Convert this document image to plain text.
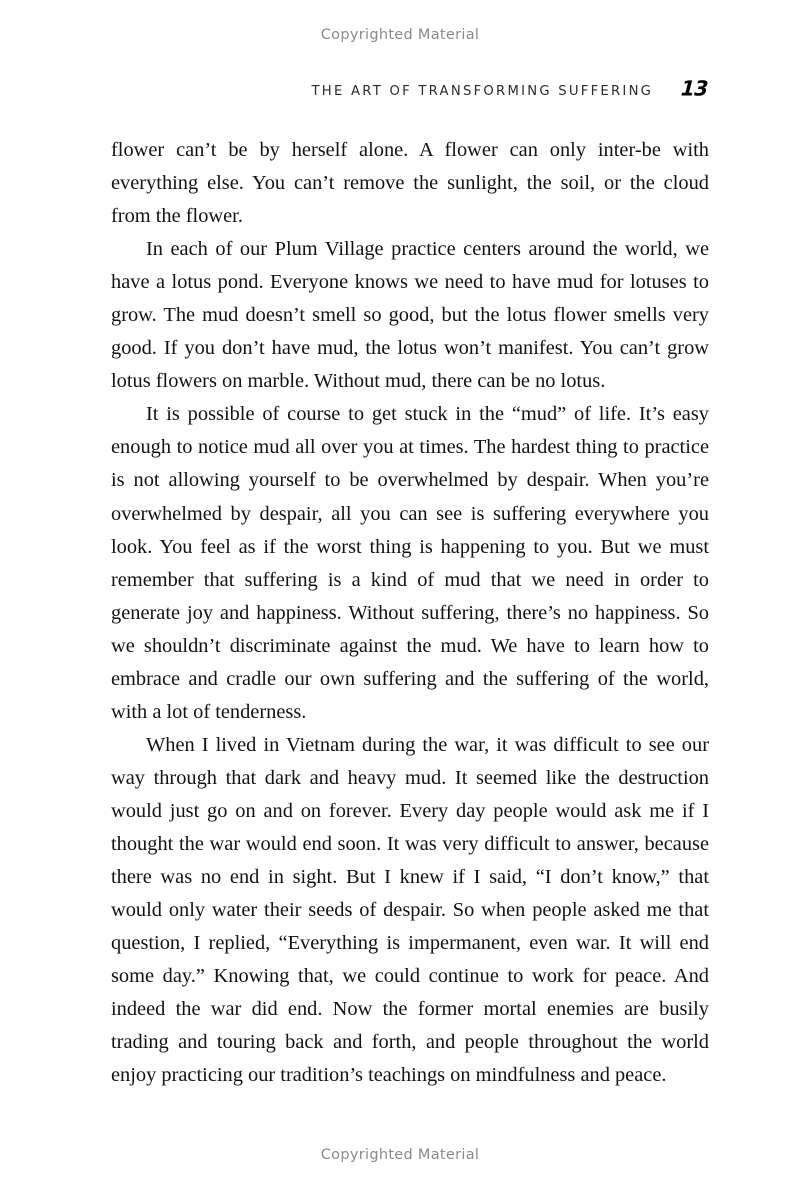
Copyrighted Material
THE ART OF TRANSFORMING SUFFERING 13

flower can’t be by herself alone. A flower can only inter-be with everything else. You can’t remove the sunlight, the soil, or the cloud from the flower.

In each of our Plum Village practice centers around the world, we have a lotus pond. Everyone knows we need to have mud for lotuses to grow. The mud doesn’t smell so good, but the lotus flower smells very good. If you don’t have mud, the lotus won’t manifest. You can’t grow lotus flowers on marble. Without mud, there can be no lotus.

It is possible of course to get stuck in the “mud” of life. It’s easy enough to notice mud all over you at times. The hardest thing to practice is not allowing yourself to be overwhelmed by despair. When you’re overwhelmed by despair, all you can see is suffering everywhere you look. You feel as if the worst thing is happening to you. But we must remember that suffering is a kind of mud that we need in order to generate joy and happiness. Without suffering, there’s no happiness. So we shouldn’t discriminate against the mud. We have to learn how to embrace and cradle our own suffering and the suffering of the world, with a lot of tenderness.

When I lived in Vietnam during the war, it was difficult to see our way through that dark and heavy mud. It seemed like the destruction would just go on and on forever. Every day people would ask me if I thought the war would end soon. It was very difficult to answer, because there was no end in sight. But I knew if I said, “I don’t know,” that would only water their seeds of despair. So when people asked me that question, I replied, “Everything is impermanent, even war. It will end some day.” Knowing that, we could continue to work for peace. And indeed the war did end. Now the former mortal enemies are busily trading and touring back and forth, and people throughout the world enjoy practicing our tradition’s teachings on mindfulness and peace.

Copyrighted Material
